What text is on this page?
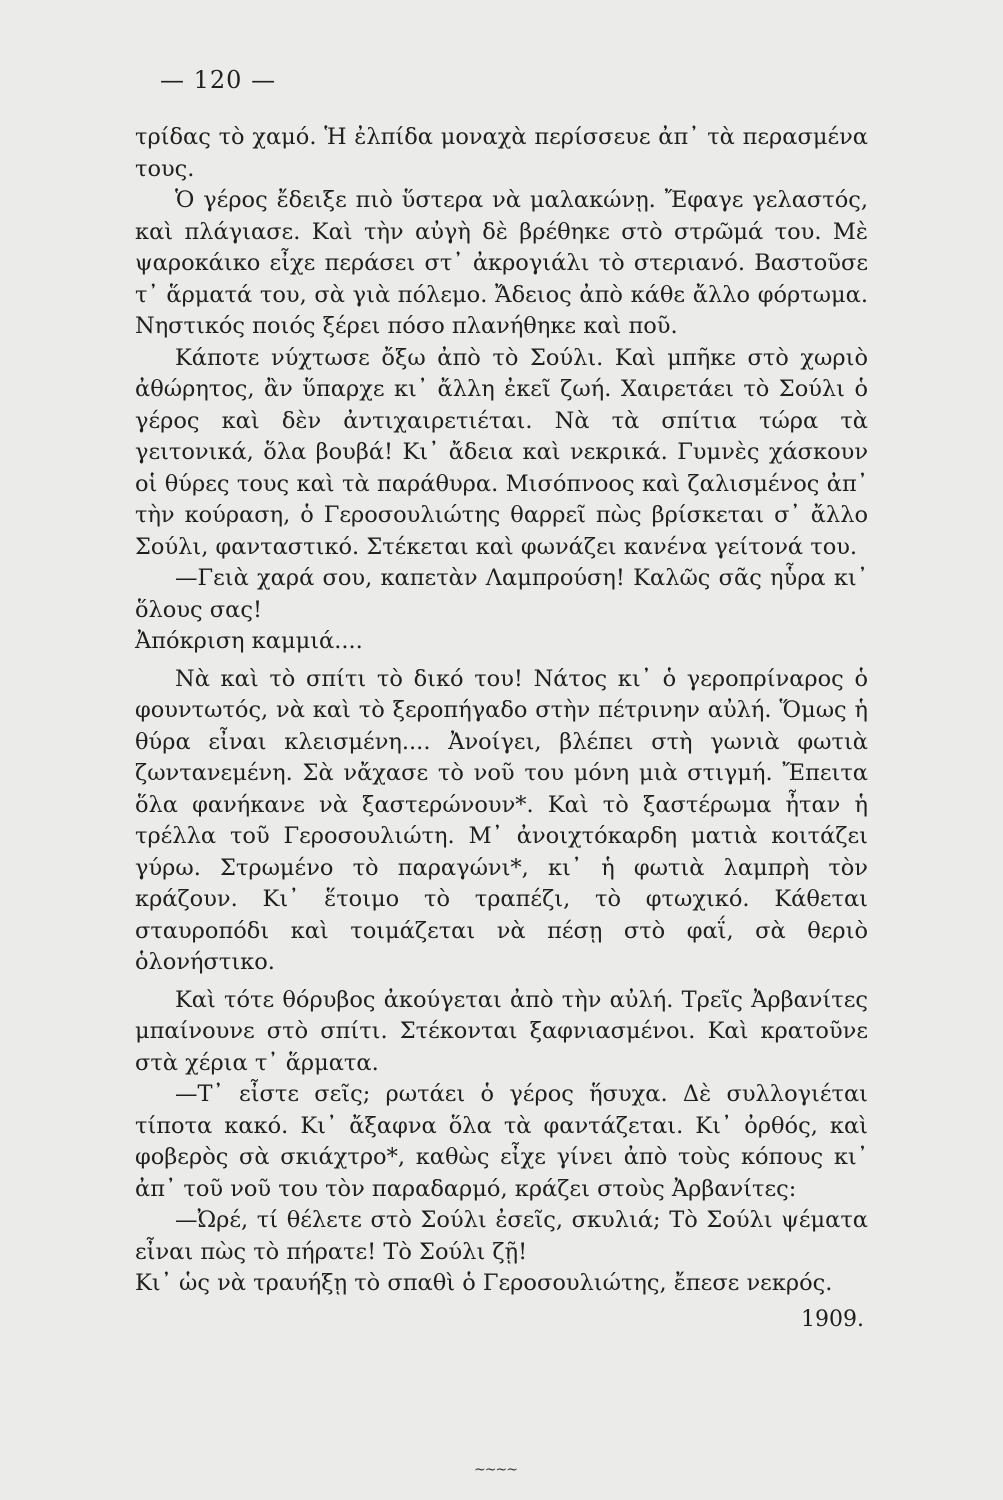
— 120 —

τρίδας τὸ χαμό. Ἡ ἐλπίδα μοναχὰ περίσσευε ἀπ᾽ τὰ περασμένα τους.

Ὁ γέρος ἔδειξε πιὸ ὕστερα νὰ μαλακώνῃ. Ἔφαγε γελαστός, καὶ πλάγιασε. Καὶ τὴν αὐγὴ δὲ βρέθηκε στὸ στρῶμά του. Μὲ ψαροκάικο εἶχε περάσει στ᾽ ἀκρογιάλι τὸ στεριανό. Βαστοῦσε τ᾽ ἅρματά του, σὰ γιὰ πόλεμο. Ἄδειος ἀπὸ κάθε ἄλλο φόρτωμα. Νηστικός ποιός ξέρει πόσο πλανήθηκε καὶ ποῦ.

Κάποτε νύχτωσε ὄξω ἀπὸ τὸ Σούλι. Καὶ μπῆκε στὸ χωριὸ ἀθώρητος, ἂν ὕπαρχε κι᾽ ἄλλη ἐκεῖ ζωή. Χαιρετάει τὸ Σούλι ὁ γέρος καὶ δὲν ἀντιχαιρετιέται. Νὰ τὰ σπίτια τώρα τὰ γειτονικά, ὅλα βουβά! Κι᾽ ἄδεια καὶ νεκρικά. Γυμνὲς χάσκουν οἱ θύρες τους καὶ τὰ παράθυρα. Μισόπνοος καὶ ζαλισμένος ἀπ᾽ τὴν κούραση, ὁ Γεροσουλιώτης θαρρεῖ πὼς βρίσκεται σ᾽ ἄλλο Σούλι, φανταστικό. Στέκεται καὶ φωνάζει κανένα γείτονά του.

—Γειὰ χαρά σου, καπετὰν Λαμπρούση! Καλῶς σᾶς ηὗρα κι᾽ ὅλους σας!

Ἀπόκριση καμμιά....

Νὰ καὶ τὸ σπίτι τὸ δικό του! Νάτος κι᾽ ὁ γεροπρίναρος ὁ φουντωτός, νὰ καὶ τὸ ξεροπήγαδο στὴν πέτρινην αὐλή. Ὅμως ἡ θύρα εἶναι κλεισμένη.... Ἀνοίγει, βλέπει στὴ γωνιὰ φωτιὰ ζωντανεμένη. Σὰ νἄχασε τὸ νοῦ του μόνη μιὰ στιγμή. Ἔπειτα ὅλα φανήκανε νὰ ξαστερώνουν*. Καὶ τὸ ξαστέρωμα ἦταν ἡ τρέλλα τοῦ Γεροσουλιώτη. Μ᾽ ἀνοιχτόκαρδη ματιὰ κοιτάζει γύρω. Στρωμένο τὸ παραγώνι*, κι᾽ ἡ φωτιὰ λαμπρὴ τὸν κράζουν. Κι᾽ ἕτοιμο τὸ τραπέζι, τὸ φτωχικό. Κάθεται σταυροπόδι καὶ τοιμάζεται νὰ πέσῃ στὸ φαΐ, σὰ θεριὸ ὁλονήστικο.

Καὶ τότε θόρυβος ἀκούγεται ἀπὸ τὴν αὐλή. Τρεῖς Ἀρβανίτες μπαίνουνε στὸ σπίτι. Στέκονται ξαφνιασμένοι. Καὶ κρατοῦνε στὰ χέρια τ᾽ ἅρματα.

—Τ᾽ εἶστε σεῖς; ρωτάει ὁ γέρος ἥσυχα. Δὲ συλλογιέται τίποτα κακό. Κι᾽ ἄξαφνα ὅλα τὰ φαντάζεται. Κι᾽ ὀρθός, καὶ φοβερὸς σὰ σκιάχτρο*, καθὼς εἶχε γίνει ἀπὸ τοὺς κόπους κι᾽ ἀπ᾽ τοῦ νοῦ του τὸν παραδαρμό, κράζει στοὺς Ἀρβανίτες:

—Ὠρέ, τί θέλετε στὸ Σούλι ἐσεῖς, σκυλιά; Τὸ Σούλι ψέματα εἶναι πὼς τὸ πήρατε! Τὸ Σούλι ζῇ!

Κι᾽ ὡς νὰ τραυήξῃ τὸ σπαθὶ ὁ Γεροσουλιώτης, ἔπεσε νεκρός.

1909.
~~~~
